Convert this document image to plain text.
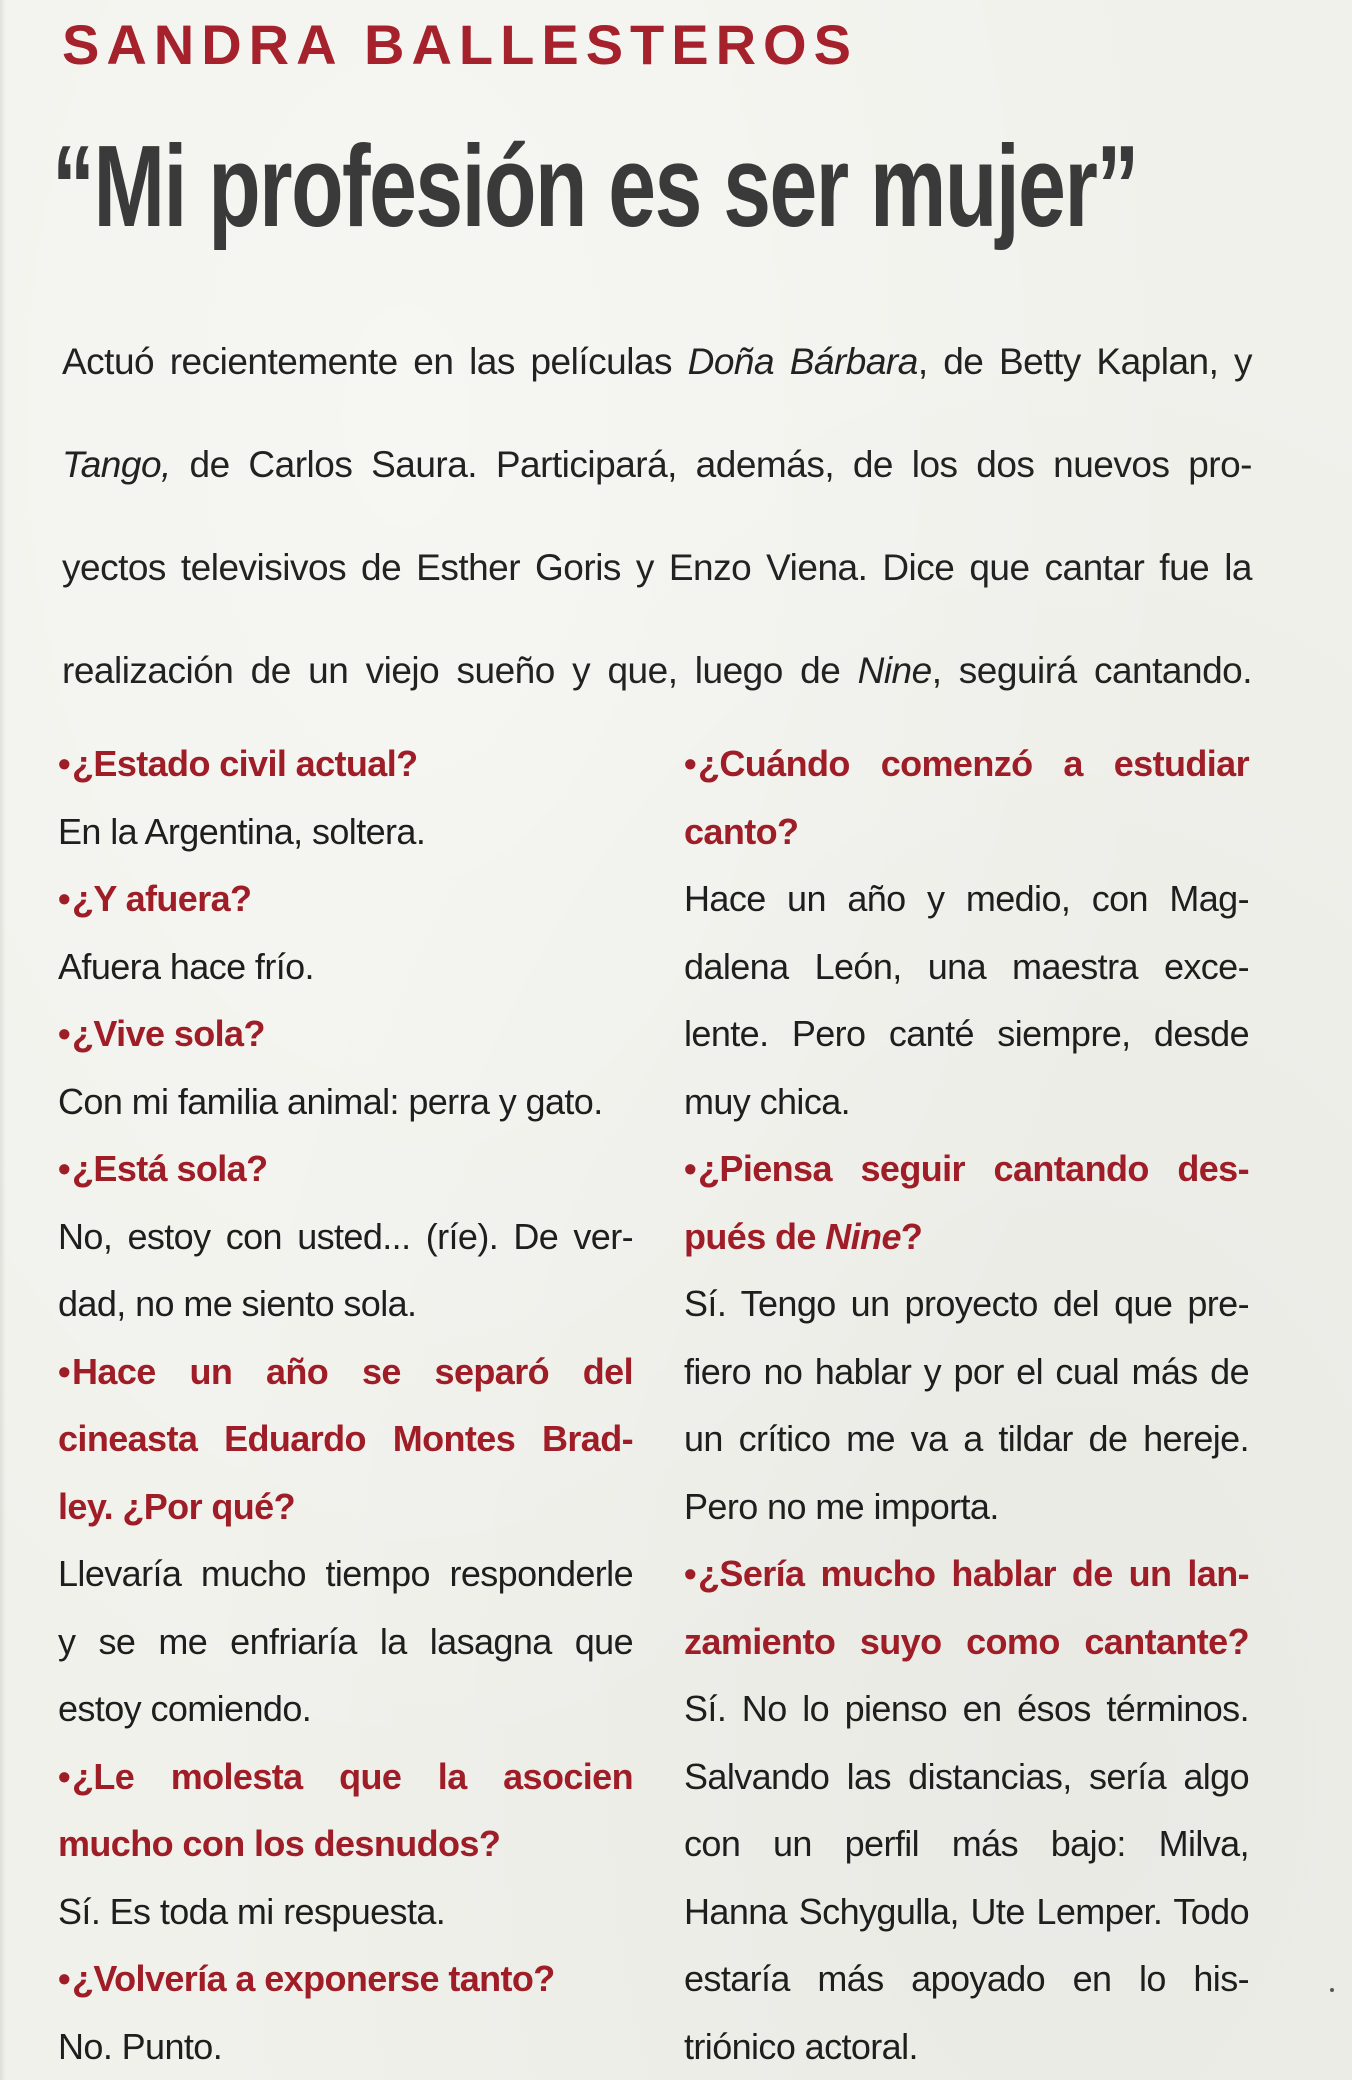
SANDRA BALLESTEROS
“Mi profesión es ser mujer”
Actuó recientemente en las películas Doña Bárbara, de Betty Kaplan, y
Tango, de Carlos Saura. Participará, además, de los dos nuevos pro-
yectos televisivos de Esther Goris y Enzo Viena. Dice que cantar fue la
realización de un viejo sueño y que, luego de Nine, seguirá cantando.
•¿Estado civil actual?
En la Argentina, soltera.
•¿Y afuera?
Afuera hace frío.
•¿Vive sola?
Con mi familia animal: perra y gato.
•¿Está sola?
No, estoy con usted... (ríe). De ver-
dad, no me siento sola.
•Hace un año se separó del
cineasta Eduardo Montes Brad-
ley. ¿Por qué?
Llevaría mucho tiempo responderle
y se me enfriaría la lasagna que
estoy comiendo.
•¿Le molesta que la asocien
mucho con los desnudos?
Sí. Es toda mi respuesta.
•¿Volvería a exponerse tanto?
No. Punto.
•¿Cuándo comenzó a estudiar
canto?
Hace un año y medio, con Mag-
dalena León, una maestra exce-
lente. Pero canté siempre, desde
muy chica.
•¿Piensa seguir cantando des-
pués de Nine?
Sí. Tengo un proyecto del que pre-
fiero no hablar y por el cual más de
un crítico me va a tildar de hereje.
Pero no me importa.
•¿Sería mucho hablar de un lan-
zamiento suyo como cantante?
Sí. No lo pienso en ésos términos.
Salvando las distancias, sería algo
con un perfil más bajo: Milva,
Hanna Schygulla, Ute Lemper. Todo
estaría más apoyado en lo his-
triónico actoral.
